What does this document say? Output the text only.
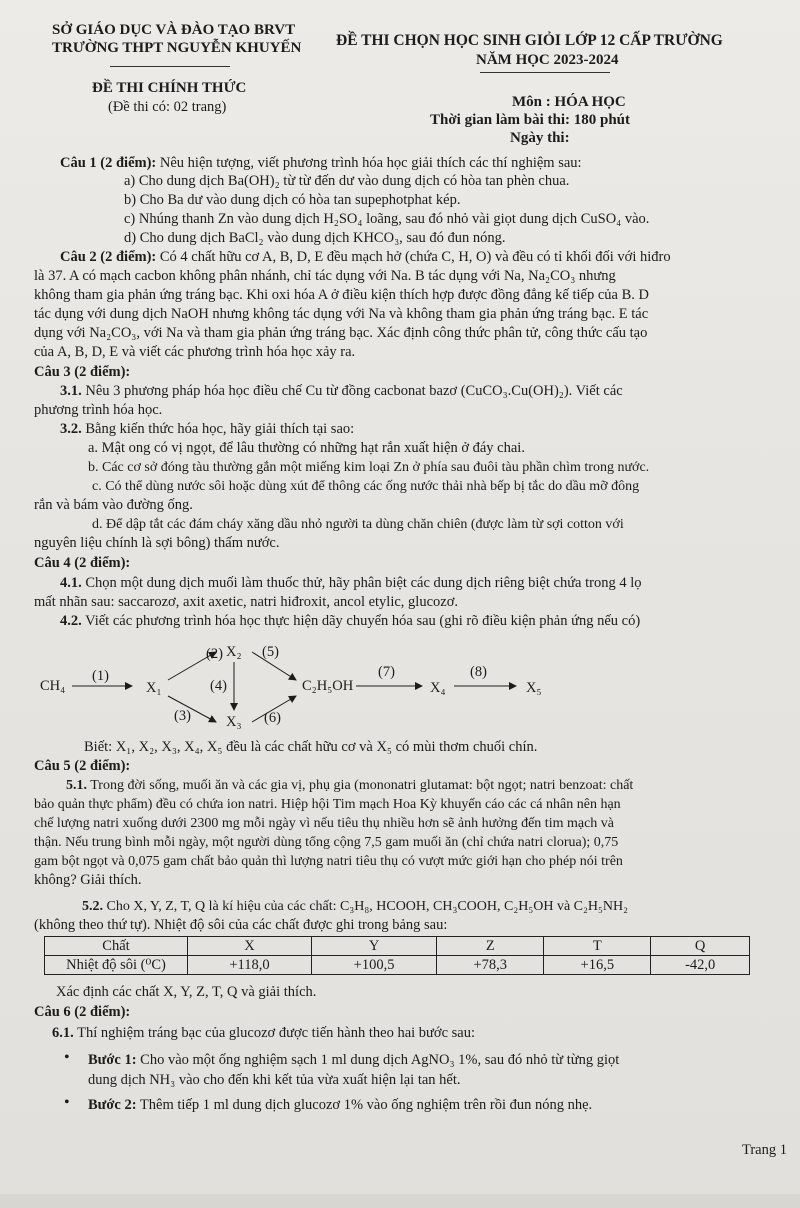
SỞ GIÁO DỤC VÀ ĐÀO TẠO BRVT
TRƯỜNG THPT NGUYỄN KHUYẾN ĐỀ THI CHỌN HỌC SINH GIỎI LỚP 12 CẤP TRƯỜNG
NĂM HỌC 2023-2024
ĐỀ THI CHÍNH THỨC
(Đề thi có: 02 trang)	Môn : HÓA HỌC
Thời gian làm bài thi: 180 phút
Ngày thi:
Câu 1 (2 điểm): Nêu hiện tượng, viết phương trình hóa học giải thích các thí nghiệm sau:
a) Cho dung dịch Ba(OH)₂ từ từ đến dư vào dung dịch có hòa tan phèn chua.
b) Cho Ba dư vào dung dịch có hòa tan supephotphat kép.
c) Nhúng thanh Zn vào dung dịch H₂SO₄ loãng, sau đó nhỏ vài giọt dung dịch CuSO₄ vào.
d) Cho dung dịch BaCl₂ vào dung dịch KHCO₃, sau đó đun nóng.
Câu 2 (2 điểm): Có 4 chất hữu cơ A, B, D, E đều mạch hở (chứa C, H, O) và đều có tỉ khối đối với hiđro
là 37. A có mạch cacbon không phân nhánh, chỉ tác dụng với Na. B tác dụng với Na, Na₂CO₃ nhưng
không tham gia phản ứng tráng bạc. Khi oxi hóa A ở điều kiện thích hợp được đồng đẳng kế tiếp của B. D
tác dụng với dung dịch NaOH nhưng không tác dụng với Na và không tham gia phản ứng tráng bạc. E tác
dụng với Na₂CO₃, với Na và tham gia phản ứng tráng bạc. Xác định công thức phân tử, công thức cấu tạo
của A, B, D, E và viết các phương trình hóa học xảy ra.
Câu 3 (2 điểm):
3.1. Nêu 3 phương pháp hóa học điều chế Cu từ đồng cacbonat bazơ (CuCO₃.Cu(OH)₂). Viết các
phương trình hóa học.
3.2. Bằng kiến thức hóa học, hãy giải thích tại sao:
a. Mật ong có vị ngọt, để lâu thường có những hạt rắn xuất hiện ở đáy chai.
b. Các cơ sở đóng tàu thường gắn một miếng kim loại Zn ở phía sau đuôi tàu phần chìm trong nước.
c. Có thể dùng nước sôi hoặc dùng xút để thông các ống nước thải nhà bếp bị tắc do dầu mỡ đông
rắn và bám vào đường ống.
d. Để dập tắt các đám cháy xăng dầu nhỏ người ta dùng chăn chiên (được làm từ sợi cotton với
nguyên liệu chính là sợi bông) thấm nước.
Câu 4 (2 điểm):
4.1. Chọn một dung dịch muối làm thuốc thử, hãy phân biệt các dung dịch riêng biệt chứa trong 4 lọ
mất nhãn sau: saccarozơ, axit axetic, natri hiđroxit, ancol etylic, glucozơ.
4.2. Viết các phương trình hóa học thực hiện dãy chuyển hóa sau (ghi rõ điều kiện phản ứng nếu có)
CH₄
(1)
X₁
(2) X₂
(3) X₃
(4)
(5)
(6)
C₂H₅OH
(7)
X₄
(8)
X₅
Biết: X₁, X₂, X₃, X₄, X₅ đều là các chất hữu cơ và X₅ có mùi thơm chuối chín.
Câu 5 (2 điểm):
5.1. Trong đời sống, muối ăn và các gia vị, phụ gia (mononatri glutamat: bột ngọt; natri benzoat: chất
bảo quản thực phẩm) đều có chứa ion natri. Hiệp hội Tim mạch Hoa Kỳ khuyến cáo các cá nhân nên hạn
chế lượng natri xuống dưới 2300 mg mỗi ngày vì nếu tiêu thụ nhiều hơn sẽ ảnh hưởng đến tim mạch và
thận. Nếu trung bình mỗi ngày, một người dùng tổng cộng 7,5 gam muối ăn (chỉ chứa natri clorua); 0,75
gam bột ngọt và 0,075 gam chất bảo quản thì lượng natri tiêu thụ có vượt mức giới hạn cho phép nói trên
không? Giải thích.
5.2. Cho X, Y, Z, T, Q là kí hiệu của các chất: C₃H₈, HCOOH, CH₃COOH, C₂H₅OH và C₂H₅NH₂
(không theo thứ tự). Nhiệt độ sôi của các chất được ghi trong bảng sau:
Chất	X	Y	Z	T	Q
Nhiệt độ sôi (⁰C)	+118,0	+100,5	+78,3	+16,5	-42,0
Xác định các chất X, Y, Z, T, Q và giải thích.
Câu 6 (2 điểm):
6.1. Thí nghiệm tráng bạc của glucozơ được tiến hành theo hai bước sau:
• Bước 1: Cho vào một ống nghiệm sạch 1 ml dung dịch AgNO₃ 1%, sau đó nhỏ từ từng giọt
dung dịch NH₃ vào cho đến khi kết tủa vừa xuất hiện lại tan hết.
• Bước 2: Thêm tiếp 1 ml dung dịch glucozơ 1% vào ống nghiệm trên rồi đun nóng nhẹ.
Trang 1
